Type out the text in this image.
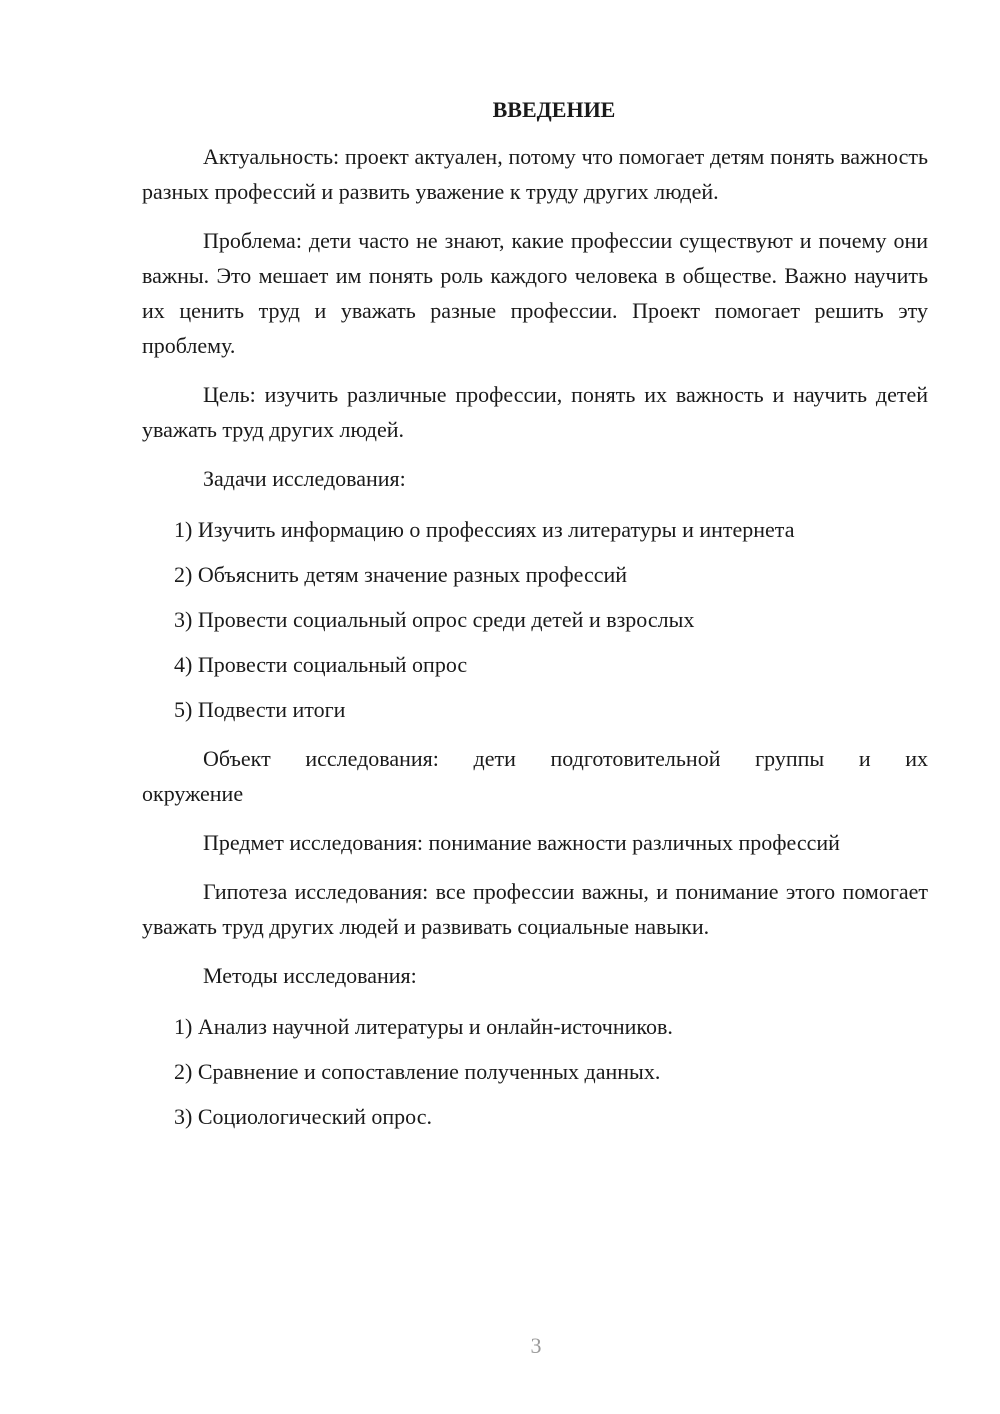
ВВЕДЕНИЕ

Актуальность: проект актуален, потому что помогает детям понять важность разных профессий и развить уважение к труду других людей.

Проблема: дети часто не знают, какие профессии существуют и почему они важны. Это мешает им понять роль каждого человека в обществе. Важно научить их ценить труд и уважать разные профессии. Проект помогает решить эту проблему.

Цель: изучить различные профессии, понять их важность и научить детей уважать труд других людей.

Задачи исследования:

1) Изучить информацию о профессиях из литературы и интернета

2) Объяснить детям значение разных профессий

3) Провести социальный опрос среди детей и взрослых

4) Провести социальный опрос

5) Подвести итоги

Объект исследования: дети подготовительной группы и их

окружение

Предмет исследования: понимание важности различных профессий

Гипотеза исследования: все профессии важны, и понимание этого помогает уважать труд других людей и развивать социальные навыки.

Методы исследования:

1) Анализ научной литературы и онлайн-источников.

2) Сравнение и сопоставление полученных данных.

3) Социологический опрос.

3
